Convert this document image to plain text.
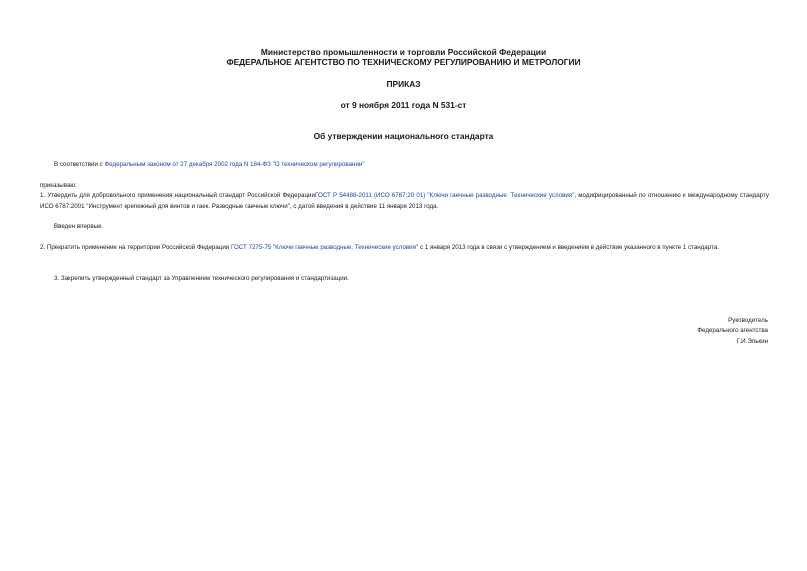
Министерство промышленности и торговли Российской Федерации
ФЕДЕРАЛЬНОЕ АГЕНТСТВО ПО ТЕХНИЧЕСКОМУ РЕГУЛИРОВАНИЮ И МЕТРОЛОГИИ
ПРИКАЗ
от 9 ноября 2011 года N 531-ст
Об утверждении национального стандарта
В соответствии с Федеральным законом от 27 декабря 2002 года N 184-ФЗ "О техническом регулировании"
приказываю:
1. Утвердить для добровольного применения национальный стандарт Российской ФедерацииГОСТ Р 54488-2011 (ИСО 6787:20 01) "Ключи гаечные разводные. Технические условия", модифицированный по отношению к международному стандарту ИСО 6787:2001 "Инструмент крепежный для винтов и гаек. Разводные гаечные ключи", с датой введения в действие 11 января 2013 года.
Введен впервые.
2. Прекратить применение на территории Российской Федерации ГОСТ 7275-75 "Ключи гаечные разводные. Технические условия" с 1 января 2013 года в связи с утверждением и введением в действие указанного в пункте 1 стандарта.
3. Закрепить утвержденный стандарт за Управлением технического регулирования и стандартизации.
Руководитель
Федерального агентства
Г.И.Элькин
